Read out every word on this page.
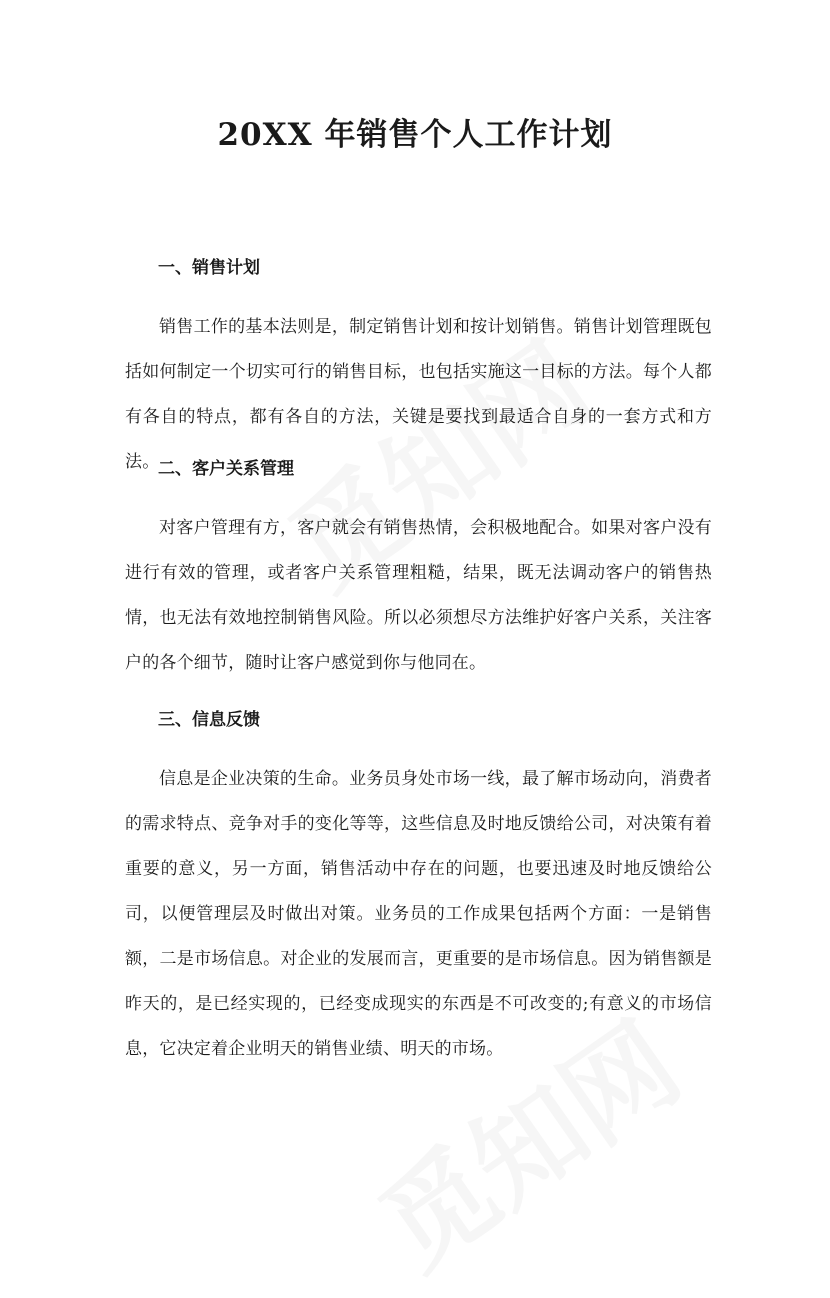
20XX 年销售个人工作计划
一、销售计划

销售工作的基本法则是，制定销售计划和按计划销售。销售计划管理既包括如何制定一个切实可行的销售目标，也包括实施这一目标的方法。每个人都有各自的特点，都有各自的方法，关键是要找到最适合自身的一套方式和方法。

二、客户关系管理

对客户管理有方，客户就会有销售热情，会积极地配合。如果对客户没有进行有效的管理，或者客户关系管理粗糙，结果，既无法调动客户的销售热情，也无法有效地控制销售风险。所以必须想尽方法维护好客户关系，关注客户的各个细节，随时让客户感觉到你与他同在。

三、信息反馈

信息是企业决策的生命。业务员身处市场一线，最了解市场动向，消费者的需求特点、竞争对手的变化等等，这些信息及时地反馈给公司，对决策有着重要的意义，另一方面，销售活动中存在的问题，也要迅速及时地反馈给公司，以便管理层及时做出对策。业务员的工作成果包括两个方面：一是销售额，二是市场信息。对企业的发展而言，更重要的是市场信息。因为销售额是昨天的，是已经实现的，已经变成现实的东西是不可改变的;有意义的市场信息，它决定着企业明天的销售业绩、明天的市场。
